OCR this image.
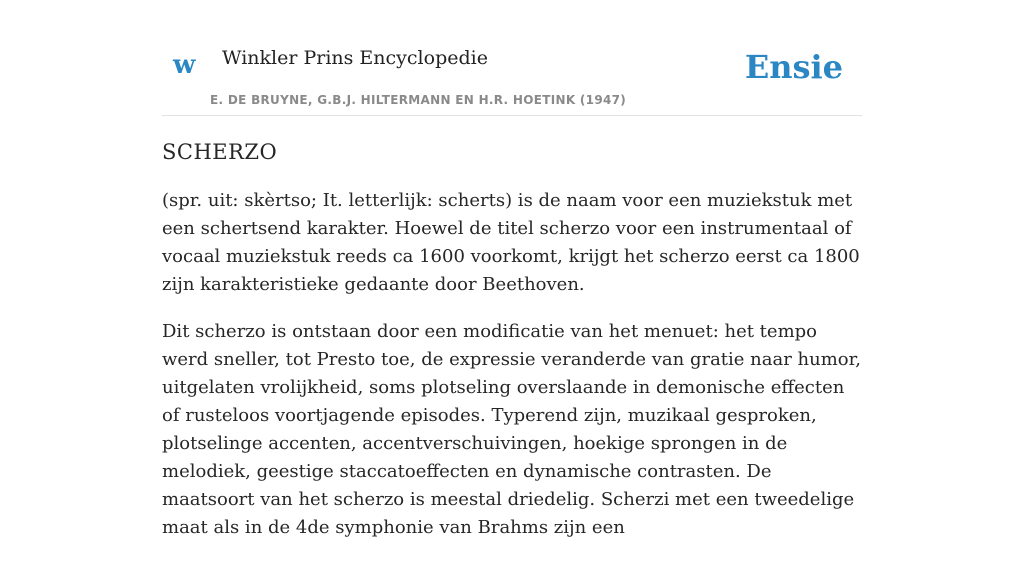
w Winkler Prins Encyclopedie
E. DE BRUYNE, G.B.J. HILTERMANN EN H.R. HOETINK (1947)
Ensie
SCHERZO

(spr. uit: skèrtso; It. letterlijk: scherts) is de naam voor een muziekstuk met een schertsend karakter. Hoewel de titel scherzo voor een instrumentaal of vocaal muziekstuk reeds ca 1600 voorkomt, krijgt het scherzo eerst ca 1800 zijn karakteristieke gedaante door Beethoven.

Dit scherzo is ontstaan door een modificatie van het menuet: het tempo werd sneller, tot Presto toe, de expressie veranderde van gratie naar humor, uitgelaten vrolijkheid, soms plotseling overslaande in demonische effecten of rusteloos voortjagende episodes. Typerend zijn, muzikaal gesproken, plotselinge accenten, accentverschuivingen, hoekige sprongen in de melodiek, geestige staccatoeffecten en dynamische contrasten. De maatsoort van het scherzo is meestal driedelig. Scherzi met een tweedelige maat als in de 4de symphonie van Brahms zijn een
